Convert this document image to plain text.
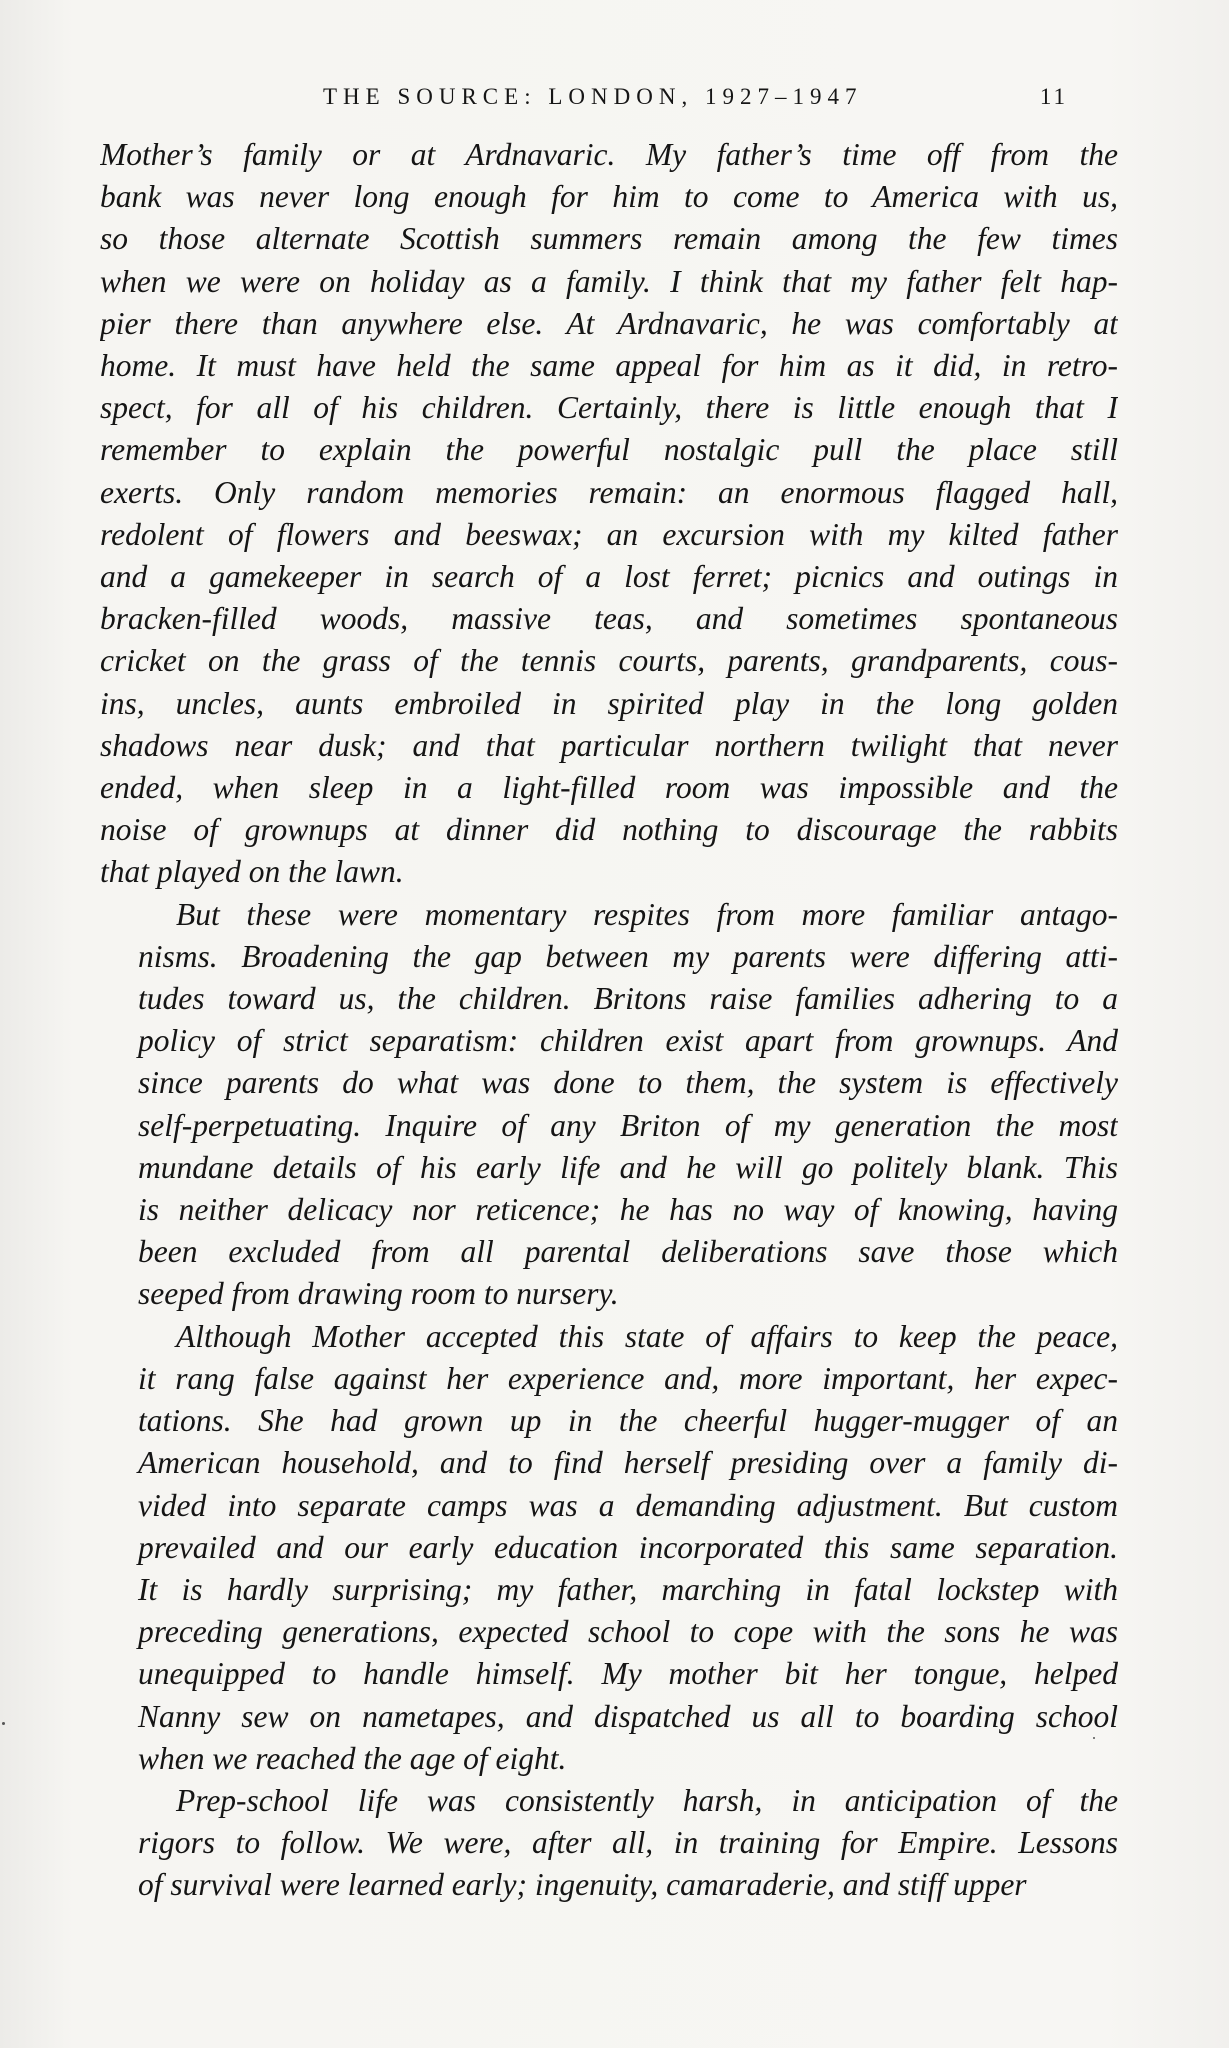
THE SOURCE: LONDON, 1927–1947	11

Mother’s family or at Ardnavaric. My father’s time off from the
bank was never long enough for him to come to America with us,
so those alternate Scottish summers remain among the few times
when we were on holiday as a family. I think that my father felt hap-
pier there than anywhere else. At Ardnavaric, he was comfortably at
home. It must have held the same appeal for him as it did, in retro-
spect, for all of his children. Certainly, there is little enough that I
remember to explain the powerful nostalgic pull the place still
exerts. Only random memories remain: an enormous flagged hall,
redolent of flowers and beeswax; an excursion with my kilted father
and a gamekeeper in search of a lost ferret; picnics and outings in
bracken-filled woods, massive teas, and sometimes spontaneous
cricket on the grass of the tennis courts, parents, grandparents, cous-
ins, uncles, aunts embroiled in spirited play in the long golden
shadows near dusk; and that particular northern twilight that never
ended, when sleep in a light-filled room was impossible and the
noise of grownups at dinner did nothing to discourage the rabbits
that played on the lawn.

But these were momentary respites from more familiar antago-
nisms. Broadening the gap between my parents were differing atti-
tudes toward us, the children. Britons raise families adhering to a
policy of strict separatism: children exist apart from grownups. And
since parents do what was done to them, the system is effectively
self-perpetuating. Inquire of any Briton of my generation the most
mundane details of his early life and he will go politely blank. This
is neither delicacy nor reticence; he has no way of knowing, having
been excluded from all parental deliberations save those which
seeped from drawing room to nursery.

Although Mother accepted this state of affairs to keep the peace,
it rang false against her experience and, more important, her expec-
tations. She had grown up in the cheerful hugger-mugger of an
American household, and to find herself presiding over a family di-
vided into separate camps was a demanding adjustment. But custom
prevailed and our early education incorporated this same separation.
It is hardly surprising; my father, marching in fatal lockstep with
preceding generations, expected school to cope with the sons he was
unequipped to handle himself. My mother bit her tongue, helped
Nanny sew on nametapes, and dispatched us all to boarding school
when we reached the age of eight.

Prep-school life was consistently harsh, in anticipation of the
rigors to follow. We were, after all, in training for Empire. Lessons
of survival were learned early; ingenuity, camaraderie, and stiff upper
